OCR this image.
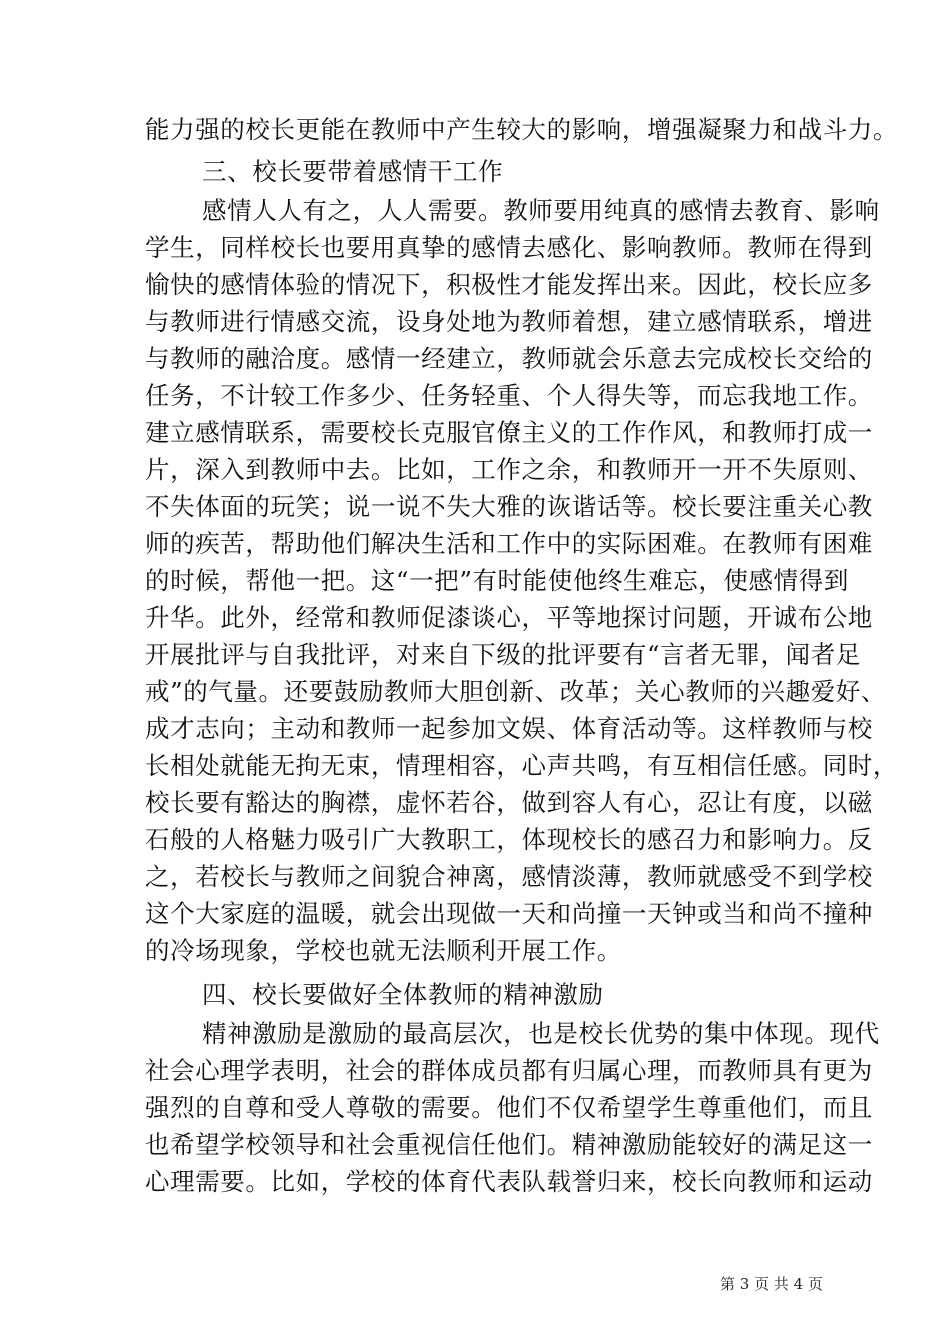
能力强的校长更能在教师中产生较大的影响，增强凝聚力和战斗力。
三、校长要带着感情干工作
感情人人有之，人人需要。教师要用纯真的感情去教育、影响
学生，同样校长也要用真挚的感情去感化、影响教师。教师在得到
愉快的感情体验的情况下，积极性才能发挥出来。因此，校长应多
与教师进行情感交流，设身处地为教师着想，建立感情联系，增进
与教师的融洽度。感情一经建立，教师就会乐意去完成校长交给的
任务，不计较工作多少、任务轻重、个人得失等，而忘我地工作。
建立感情联系，需要校长克服官僚主义的工作作风，和教师打成一
片，深入到教师中去。比如，工作之余，和教师开一开不失原则、
不失体面的玩笑；说一说不失大雅的诙谐话等。校长要注重关心教
师的疾苦，帮助他们解决生活和工作中的实际困难。在教师有困难
的时候，帮他一把。这“一把”有时能使他终生难忘，使感情得到
升华。此外，经常和教师促漆谈心，平等地探讨问题，开诚布公地
开展批评与自我批评，对来自下级的批评要有“言者无罪，闻者足
戒”的气量。还要鼓励教师大胆创新、改革；关心教师的兴趣爱好、
成才志向；主动和教师一起参加文娱、体育活动等。这样教师与校
长相处就能无拘无束，情理相容，心声共鸣，有互相信任感。同时，
校长要有豁达的胸襟，虚怀若谷，做到容人有心，忍让有度，以磁
石般的人格魅力吸引广大教职工，体现校长的感召力和影响力。反
之，若校长与教师之间貌合神离，感情淡薄，教师就感受不到学校
这个大家庭的温暖，就会出现做一天和尚撞一天钟或当和尚不撞种
的冷场现象，学校也就无法顺利开展工作。
四、校长要做好全体教师的精神激励
精神激励是激励的最高层次，也是校长优势的集中体现。现代
社会心理学表明，社会的群体成员都有归属心理，而教师具有更为
强烈的自尊和受人尊敬的需要。他们不仅希望学生尊重他们，而且
也希望学校领导和社会重视信任他们。精神激励能较好的满足这一
心理需要。比如，学校的体育代表队载誉归来，校长向教师和运动
第 3 页 共 4 页
